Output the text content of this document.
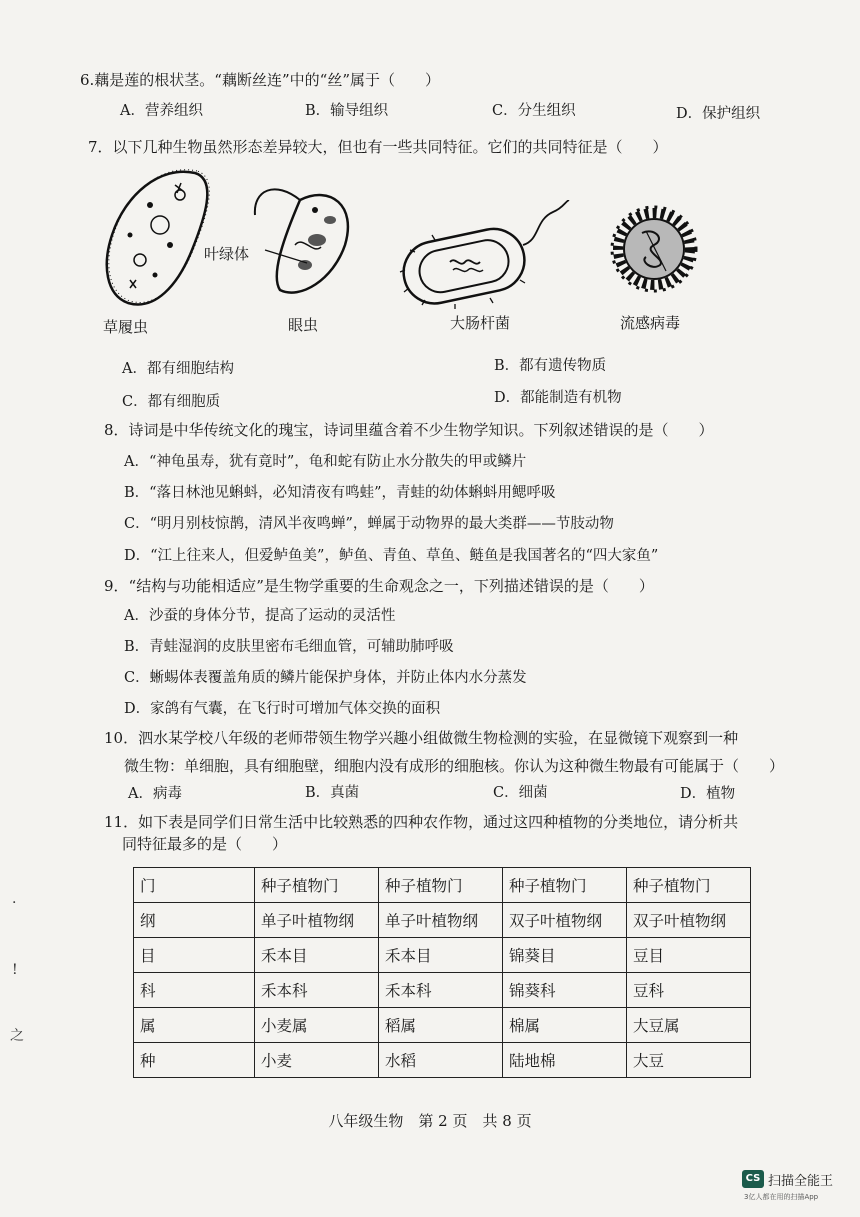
6.藕是莲的根状茎。“藕断丝连”中的“丝”属于（　　）
A．营养组织	B．输导组织	C．分生组织	D．保护组织
7．以下几种生物虽然形态差异较大，但也有一些共同特征。它们的共同特征是（　　）
叶绿体
草履虫	眼虫	大肠杆菌	流感病毒
A．都有细胞结构	B．都有遗传物质
C．都有细胞质	D．都能制造有机物
8．诗词是中华传统文化的瑰宝，诗词里蕴含着不少生物学知识。下列叙述错误的是（　　）
A．“神龟虽寿，犹有竟时”，龟和蛇有防止水分散失的甲或鳞片
B．“落日林池见蝌蚪，必知清夜有鸣蛙”，青蛙的幼体蝌蚪用鳃呼吸
C．“明月别枝惊鹊，清风半夜鸣蝉”，蝉属于动物界的最大类群——节肢动物
D．“江上往来人，但爱鲈鱼美”，鲈鱼、青鱼、草鱼、鲢鱼是我国著名的“四大家鱼”
9．“结构与功能相适应”是生物学重要的生命观念之一，下列描述错误的是（　　）
A．沙蚕的身体分节，提高了运动的灵活性
B．青蛙湿润的皮肤里密布毛细血管，可辅助肺呼吸
C．蜥蜴体表覆盖角质的鳞片能保护身体，并防止体内水分蒸发
D．家鸽有气囊，在飞行时可增加气体交换的面积
10．泗水某学校八年级的老师带领生物学兴趣小组做微生物检测的实验，在显微镜下观察到一种
微生物：单细胞，具有细胞壁，细胞内没有成形的细胞核。你认为这种微生物最有可能属于（　　）
A．病毒	B．真菌	C．细菌	D．植物
11．如下表是同学们日常生活中比较熟悉的四种农作物，通过这四种植物的分类地位，请分析共
同特征最多的是（　　）
门	种子植物门	种子植物门	种子植物门	种子植物门
纲	单子叶植物纲	单子叶植物纲	双子叶植物纲	双子叶植物纲
目	禾本目	禾本目	锦葵目	豆目
科	禾本科	禾本科	锦葵科	豆科
属	小麦属	稻属	棉属	大豆属
种	小麦	水稻	陆地棉	大豆
·
!
之
八年级生物　第 2 页　共 8 页
CS 扫描全能王
3亿人都在用的扫描App
